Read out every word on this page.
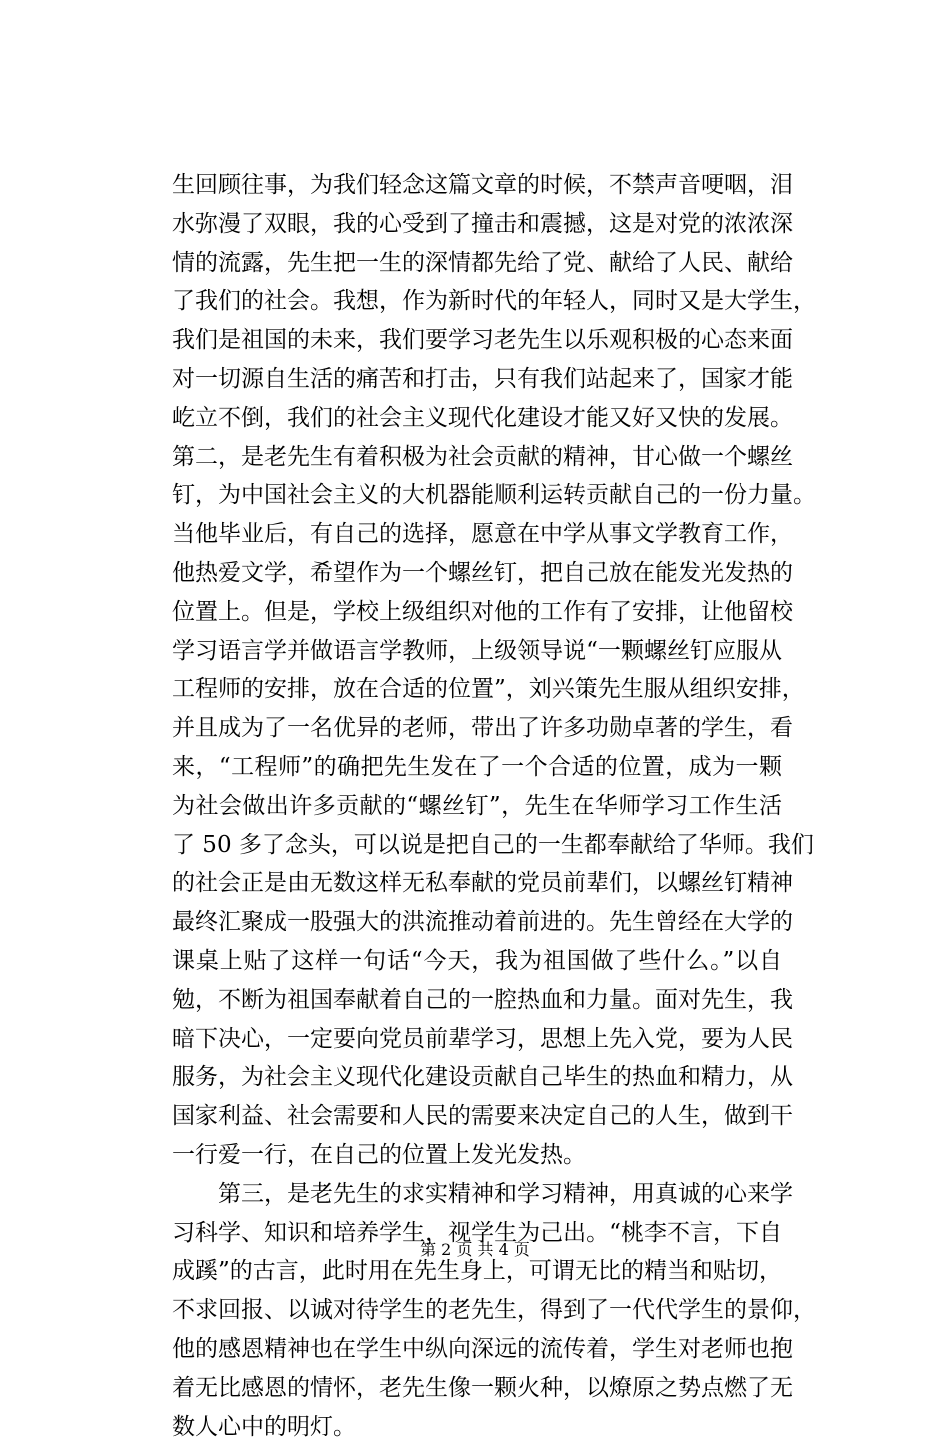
生回顾往事，为我们轻念这篇文章的时候，不禁声音哽咽，泪
水弥漫了双眼，我的心受到了撞击和震撼，这是对党的浓浓深
情的流露，先生把一生的深情都先给了党、献给了人民、献给
了我们的社会。我想，作为新时代的年轻人，同时又是大学生，
我们是祖国的未来，我们要学习老先生以乐观积极的心态来面
对一切源自生活的痛苦和打击，只有我们站起来了，国家才能
屹立不倒，我们的社会主义现代化建设才能又好又快的发展。
第二，是老先生有着积极为社会贡献的精神，甘心做一个螺丝
钉，为中国社会主义的大机器能顺利运转贡献自己的一份力量。
当他毕业后，有自己的选择，愿意在中学从事文学教育工作，
他热爱文学，希望作为一个螺丝钉，把自己放在能发光发热的
位置上。但是，学校上级组织对他的工作有了安排，让他留校
学习语言学并做语言学教师，上级领导说“一颗螺丝钉应服从
工程师的安排，放在合适的位置”，刘兴策先生服从组织安排，
并且成为了一名优异的老师，带出了许多功勋卓著的学生，看
来，“工程师”的确把先生发在了一个合适的位置，成为一颗
为社会做出许多贡献的“螺丝钉”，先生在华师学习工作生活
了 50 多了念头，可以说是把自己的一生都奉献给了华师。我们
的社会正是由无数这样无私奉献的党员前辈们，以螺丝钉精神
最终汇聚成一股强大的洪流推动着前进的。先生曾经在大学的
课桌上贴了这样一句话“今天，我为祖国做了些什么。”以自
勉，不断为祖国奉献着自己的一腔热血和力量。面对先生，我
暗下决心，一定要向党员前辈学习，思想上先入党，要为人民
服务，为社会主义现代化建设贡献自己毕生的热血和精力，从
国家利益、社会需要和人民的需要来决定自己的人生，做到干
一行爱一行，在自己的位置上发光发热。
第三，是老先生的求实精神和学习精神，用真诚的心来学
习科学、知识和培养学生，视学生为己出。“桃李不言，下自
成蹊”的古言，此时用在先生身上，可谓无比的精当和贴切，
不求回报、以诚对待学生的老先生，得到了一代代学生的景仰，
他的感恩精神也在学生中纵向深远的流传着，学生对老师也抱
着无比感恩的情怀，老先生像一颗火种，以燎原之势点燃了无
数人心中的明灯。
第 2 页 共 4 页
